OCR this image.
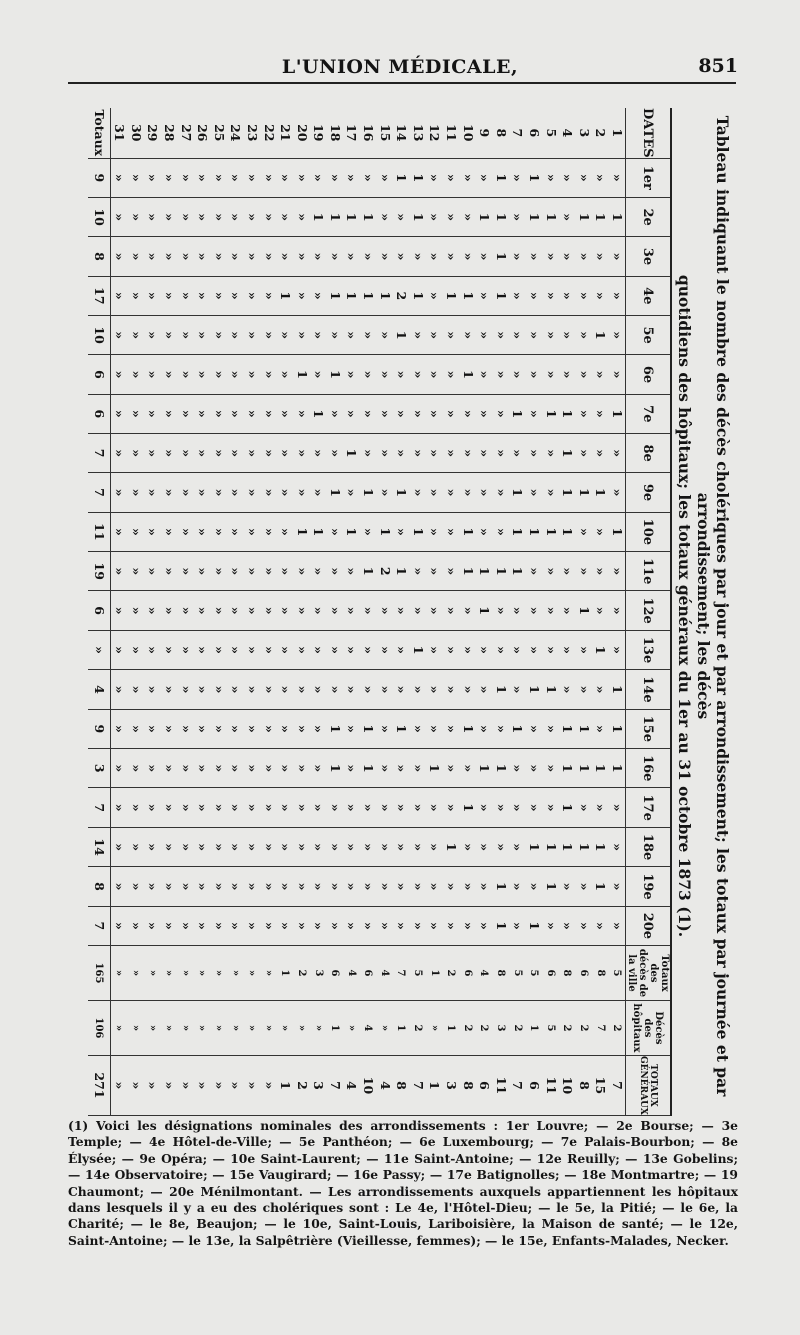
L'UNION MÉDICALE,	851
Tableau indiquant le nombre des décès cholériques par jour et par arrondissement; les totaux par journée et par arrondissement; les décès
quotidiens des hôpitaux; les totaux généraux du 1er au 31 octobre 1873 (1).
DATES	1er	2e	3e	4e	5e	6e	7e	8e	9e	10e	11e	12e	13e	14e	15e	16e	17e	18e	19e	20e	Totaux des décès de la ville	Décès des hôpitaux	TOTAUX GÉNÉRAUX
1	»	1	»	»	»	»	1	»	»	1	»	»	»	1	1	1	»	»	»	»	5	2	7
2	»	1	»	»	1	»	»	»	1	»	»	»	1	»	»	1	»	1	1	»	8	7	15
3	»	1	»	»	»	»	»	»	1	»	»	1	»	»	1	1	»	1	»	»	6	2	8
4	»	»	»	»	»	»	1	1	1	1	»	»	»	»	1	1	1	1	»	»	8	2	10
5	»	1	»	»	»	»	1	»	»	1	»	»	»	1	»	»	»	1	1	»	6	5	11
6	1	1	»	»	»	»	»	»	»	1	»	»	»	1	»	»	»	1	»	1	5	1	6
7	»	»	»	»	»	»	1	»	1	1	1	»	»	»	1	»	»	»	»	»	5	2	7
8	1	1	1	1	»	»	»	»	»	»	1	»	»	1	»	1	»	»	1	1	8	3	11
9	»	1	»	»	»	»	»	»	»	»	1	1	»	»	»	1	»	»	»	»	4	2	6
10	»	»	»	1	»	1	»	»	»	1	1	»	»	»	1	»	1	»	»	»	6	2	8
11	»	»	»	1	»	»	»	»	»	»	»	»	»	»	»	»	»	1	»	»	2	1	3
12	»	»	»	»	»	»	»	»	»	»	»	»	»	»	»	1	»	»	»	»	1	»	1
13	1	1	»	1	»	»	»	»	»	1	»	»	1	»	»	»	»	»	»	»	5	2	7
14	1	»	»	2	1	»	»	»	1	»	1	»	»	»	1	»	»	»	»	»	7	1	8
15	»	»	»	1	»	»	»	»	»	1	2	»	»	»	»	»	»	»	»	»	4	»	4
16	»	1	»	1	»	»	»	»	1	»	1	»	»	»	1	1	»	»	»	»	6	4	10
17	»	1	»	1	»	»	»	1	»	1	»	»	»	»	»	»	»	»	»	»	4	»	4
18	»	1	»	1	»	1	»	»	1	»	»	»	»	»	1	1	»	»	»	»	6	1	7
19	»	1	»	»	»	»	1	»	»	1	»	»	»	»	»	»	»	»	»	»	3	»	3
20	»	»	»	»	»	1	»	»	»	1	»	»	»	»	»	»	»	»	»	»	2	»	2
21	»	»	»	1	»	»	»	»	»	»	»	»	»	»	»	»	»	»	»	»	1	»	1
22	»	»	»	»	»	»	»	»	»	»	»	»	»	»	»	»	»	»	»	»	»	»	»
23	»	»	»	»	»	»	»	»	»	»	»	»	»	»	»	»	»	»	»	»	»	»	»
24	»	»	»	»	»	»	»	»	»	»	»	»	»	»	»	»	»	»	»	»	»	»	»
25	»	»	»	»	»	»	»	»	»	»	»	»	»	»	»	»	»	»	»	»	»	»	»
26	»	»	»	»	»	»	»	»	»	»	»	»	»	»	»	»	»	»	»	»	»	»	»
27	»	»	»	»	»	»	»	»	»	»	»	»	»	»	»	»	»	»	»	»	»	»	»
28	»	»	»	»	»	»	»	»	»	»	»	»	»	»	»	»	»	»	»	»	»	»	»
29	»	»	»	»	»	»	»	»	»	»	»	»	»	»	»	»	»	»	»	»	»	»	»
30	»	»	»	»	»	»	»	»	»	»	»	»	»	»	»	»	»	»	»	»	»	»	»
31	»	»	»	»	»	»	»	»	»	»	»	»	»	»	»	»	»	»	»	»	»	»	»
Totaux	9	10	8	17	10	6	6	7	7	11	19	6	»	4	9	3	7	14	8	7	165	106	271
(1) Voici les désignations nominales des arrondissements : 1er Louvre; — 2e Bourse; — 3e Temple; — 4e Hôtel-de-Ville; — 5e Panthéon; — 6e Luxembourg; — 7e Palais-Bourbon; — 8e Élysée; — 9e Opéra; — 10e Saint-Laurent; — 11e Saint-Antoine; — 12e Reuilly; — 13e Gobelins; — 14e Observatoire; — 15e Vaugirard; — 16e Passy; — 17e Batignolles; — 18e Montmartre; — 19 Chaumont; — 20e Ménilmontant. — Les arrondissements auxquels appartiennent les hôpitaux dans lesquels il y a eu des cholériques sont : Le 4e, l'Hôtel-Dieu; — le 5e, la Pitié; — le 6e, la Charité; — le 8e, Beaujon; — le 10e, Saint-Louis, Lariboisière, la Maison de santé; — le 12e, Saint-Antoine; — le 13e, la Salpêtrière (Vieillesse, femmes); — le 15e, Enfants-Malades, Necker.
